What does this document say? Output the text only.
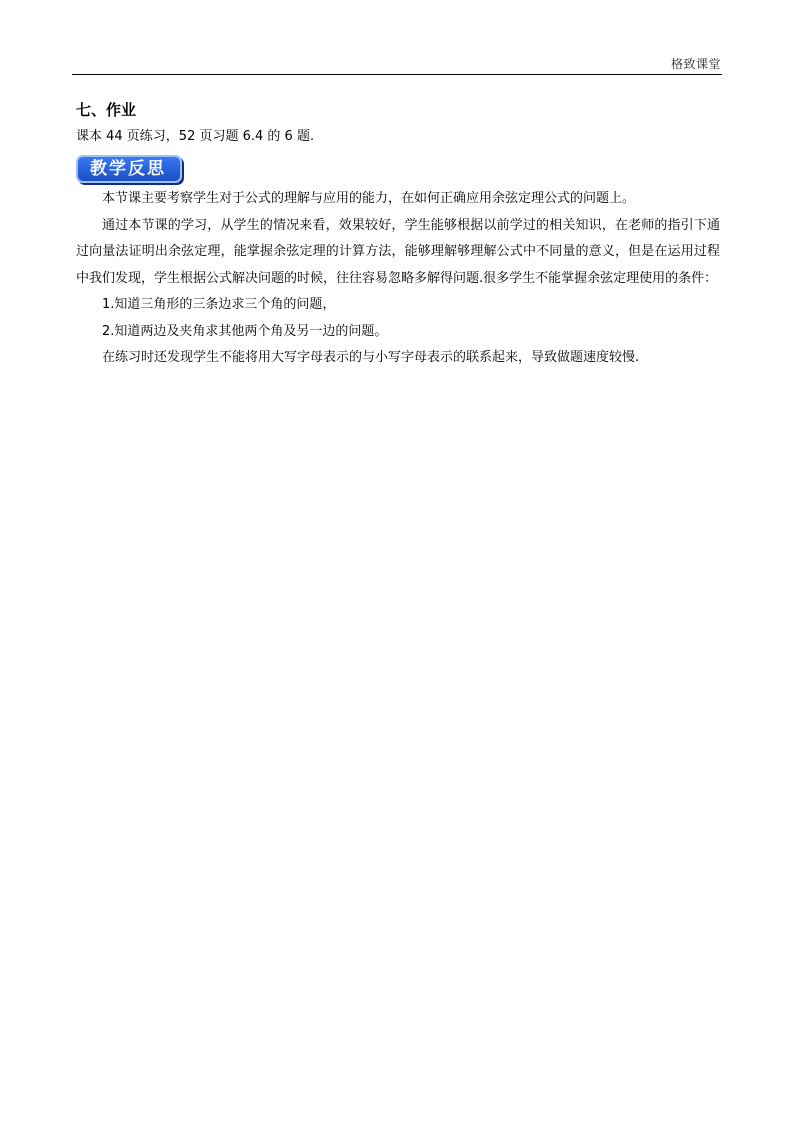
格致课堂
七、作业

课本 44 页练习，52 页习题 6.4 的 6 题.

教学反思

本节课主要考察学生对于公式的理解与应用的能力，在如何正确应用余弦定理公式的问题上。

通过本节课的学习，从学生的情况来看，效果较好，学生能够根据以前学过的相关知识，在老师的指引下通过向量法证明出余弦定理，能掌握余弦定理的计算方法，能够理解够理解公式中不同量的意义，但是在运用过程中我们发现，学生根据公式解决问题的时候，往往容易忽略多解得问题.很多学生不能掌握余弦定理使用的条件：

1.知道三角形的三条边求三个角的问题，

2.知道两边及夹角求其他两个角及另一边的问题。

在练习时还发现学生不能将用大写字母表示的与小写字母表示的联系起来，导致做题速度较慢.
